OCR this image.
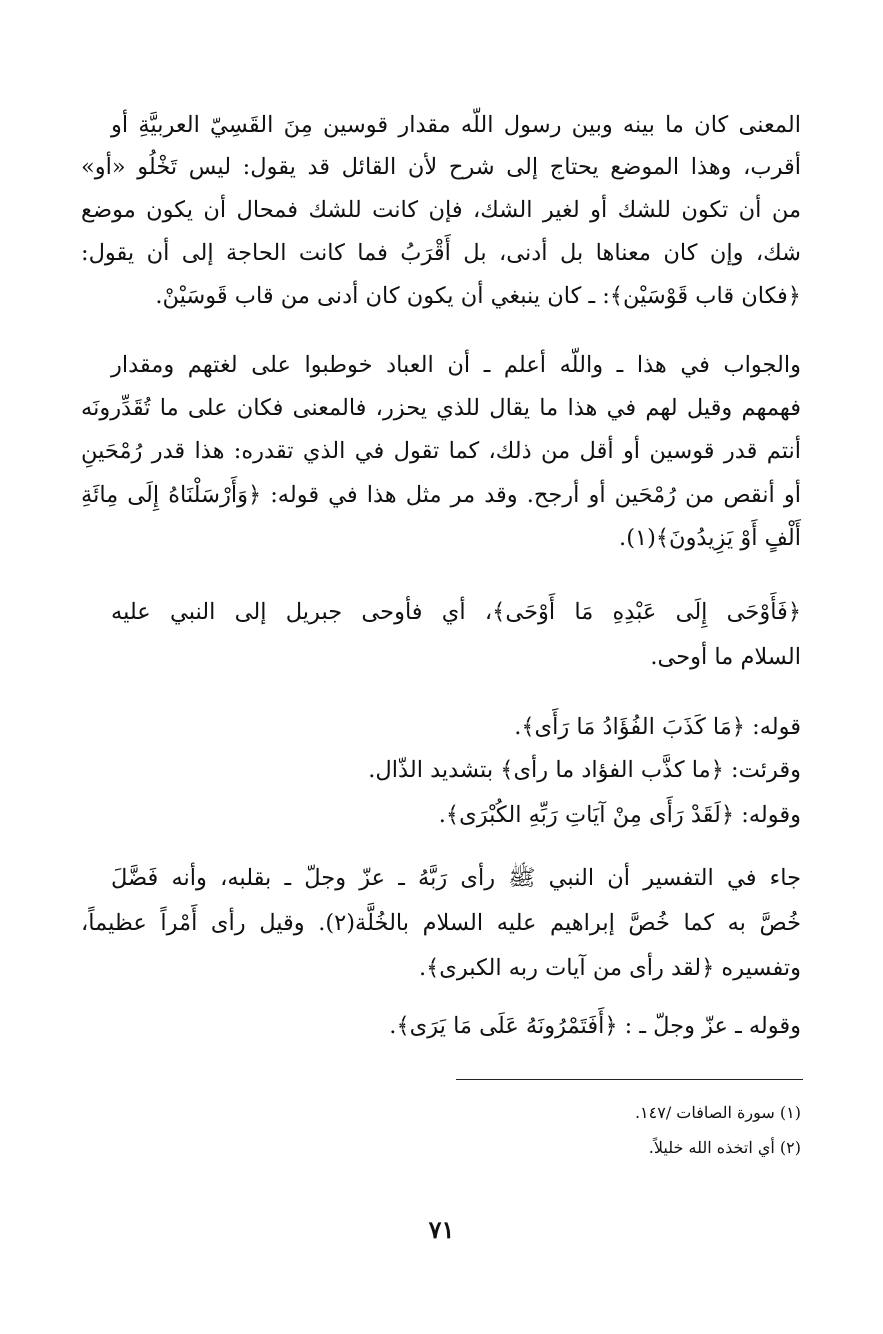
المعنى كان ما بينه وبين رسول اللّه مقدار قوسين مِنَ القَسِيّ العربيَّةِ أو
أقرب، وهذا الموضع يحتاج إلى شرح لأن القائل قد يقول: ليس تَخْلُو «أو»
من أن تكون للشك أو لغير الشك، فإن كانت للشك فمحال أن يكون موضع
شك، وإن كان معناها بل أدنى، بل أَقْرَبُ فما كانت الحاجة إلى أن يقول:
﴿فكان قاب قَوْسَيْن﴾: ـ كان ينبغي أن يكون كان أدنى من قاب قَوسَيْنْ.
والجواب في هذا ـ واللّه أعلم ـ أن العباد خوطبوا على لغتهم ومقدار
فهمهم وقيل لهم في هذا ما يقال للذي يحزر، فالمعنى فكان على ما تُقَدِّرونَه
أنتم قدر قوسين أو أقل من ذلك، كما تقول في الذي تقدره: هذا قدر رُمْحَينِ
أو أنقص من رُمْحَين أو أرجح. وقد مر مثل هذا في قوله: ﴿وَأَرْسَلْنَاهُ إِلَى مِائَةِ
أَلْفٍ أَوْ يَزِيدُونَ﴾(١).
﴿فَأَوْحَى إِلَى عَبْدِهِ مَا أَوْحَى﴾، أي فأوحى جبريل إلى النبي عليه
السلام ما أوحى.
قوله: ﴿مَا كَذَبَ الفُؤَادُ مَا رَأَى﴾.
وقرئت: ﴿ما كذَّب الفؤاد ما رأى﴾ بتشديد الذّال.
وقوله: ﴿لَقَدْ رَأَى مِنْ آيَاتِ رَبِّهِ الكُبْرَى﴾.
جاء في التفسير أن النبي ﷺ رأى رَبَّهُ ـ عزّ وجلّ ـ بقلبه، وأنه فَضَّلَ
خُصَّ به كما خُصَّ إبراهيم عليه السلام بالخُلَّة(٢). وقيل رأى أَمْراً عظيماً،
وتفسيره ﴿لقد رأى من آيات ربه الكبرى﴾.
وقوله ـ عزّ وجلّ ـ : ﴿أَفَتَمْرُونَهُ عَلَى مَا يَرَى﴾.
(١) سورة الصافات /١٤٧.
(٢) أي اتخذه الله خليلاً.
٧١
